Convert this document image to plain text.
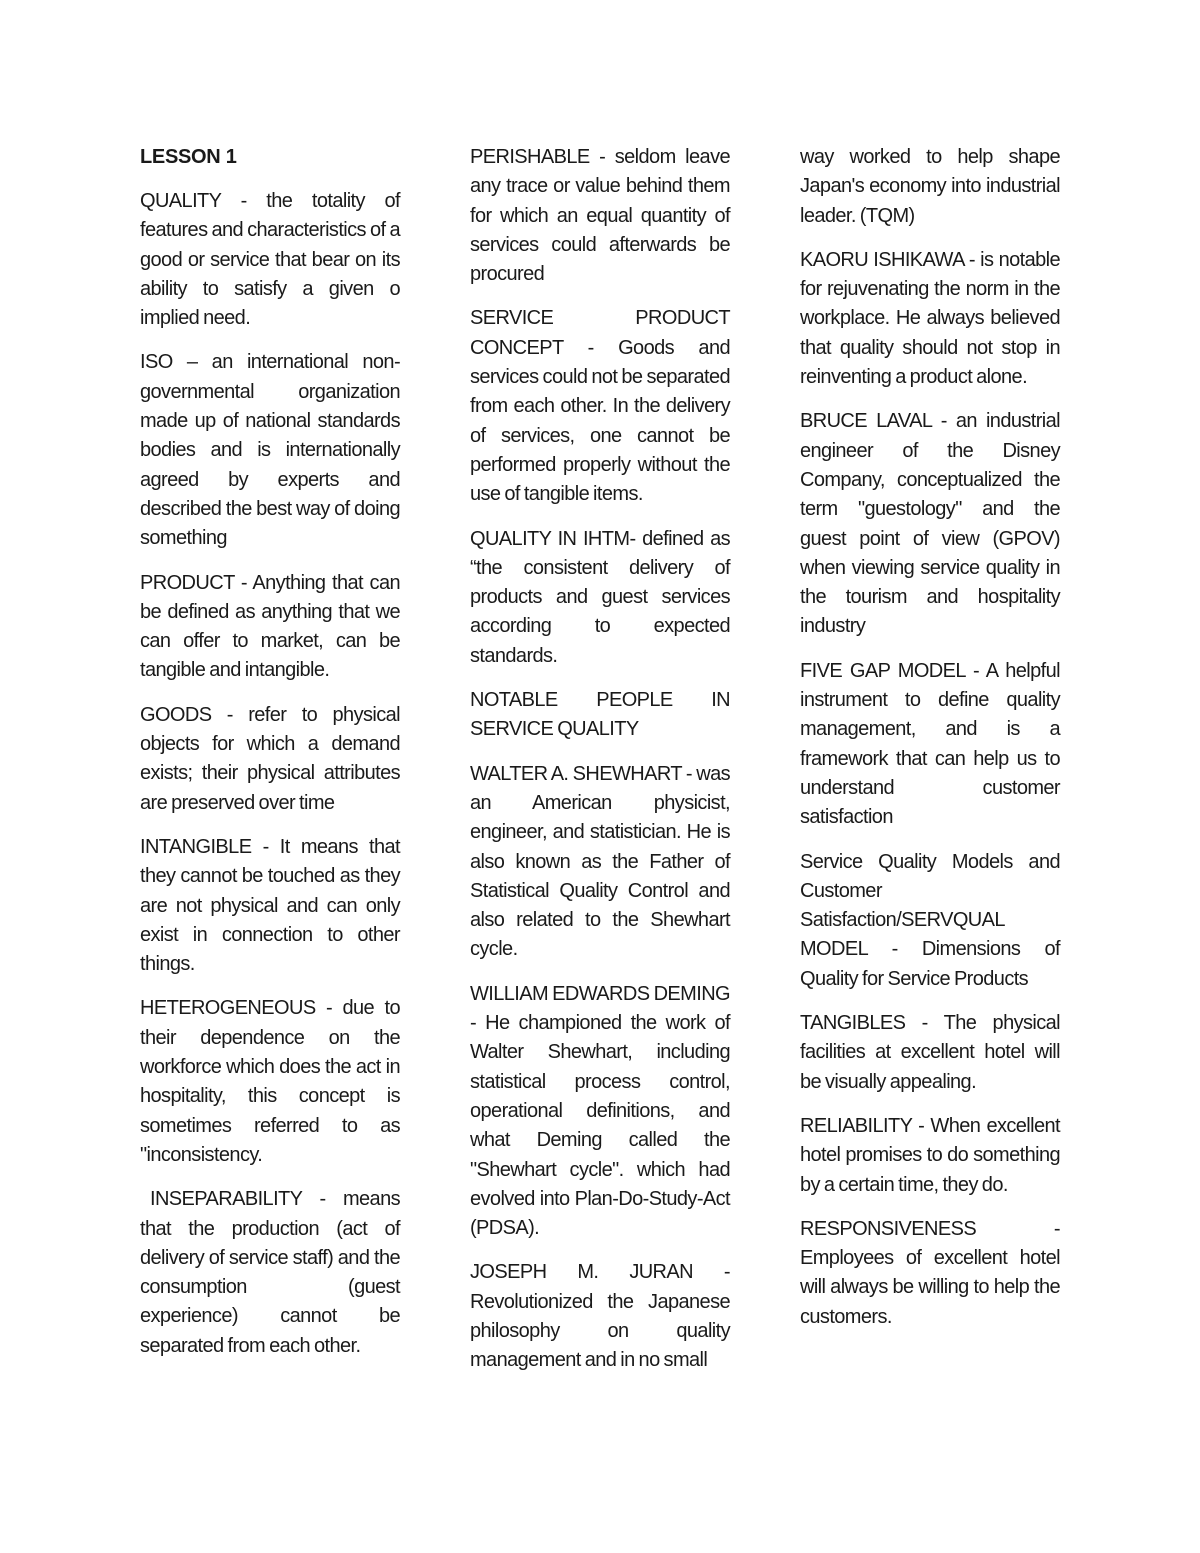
LESSON 1

QUALITY - the totality of features and characteristics of a good or service that bear on its ability to satisfy a given o implied need.

ISO – an international non-governmental organization made up of national standards bodies and is internationally agreed by experts and described the best way of doing something

PRODUCT - Anything that can be defined as anything that we can offer to market, can be tangible and intangible.

GOODS - refer to physical objects for which a demand exists; their physical attributes are preserved over time

INTANGIBLE - It means that they cannot be touched as they are not physical and can only exist in connection to other things.

HETEROGENEOUS - due to their dependence on the workforce which does the act in hospitality, this concept is sometimes referred to as "inconsistency.

INSEPARABILITY - means that the production (act of delivery of service staff) and the consumption (guest experience) cannot be separated from each other.

PERISHABLE - seldom leave any trace or value behind them for which an equal quantity of services could afterwards be procured

SERVICE PRODUCT CONCEPT - Goods and services could not be separated from each other. In the delivery of services, one cannot be performed properly without the use of tangible items.

QUALITY IN IHTM- defined as “the consistent delivery of products and guest services according to expected standards.

NOTABLE PEOPLE IN SERVICE QUALITY

WALTER A. SHEWHART - was an American physicist, engineer, and statistician. He is also known as the Father of Statistical Quality Control and also related to the Shewhart cycle.

WILLIAM EDWARDS DEMING - He championed the work of Walter Shewhart, including statistical process control, operational definitions, and what Deming called the "Shewhart cycle". which had evolved into Plan-Do-Study-Act (PDSA).

JOSEPH M. JURAN - Revolutionized the Japanese philosophy on quality management and in no small

way worked to help shape Japan's economy into industrial leader. (TQM)

KAORU ISHIKAWA - is notable for rejuvenating the norm in the workplace. He always believed that quality should not stop in reinventing a product alone.

BRUCE LAVAL - an industrial engineer of the Disney Company, conceptualized the term "guestology" and the guest point of view (GPOV) when viewing service quality in the tourism and hospitality industry

FIVE GAP MODEL - A helpful instrument to define quality management, and is a framework that can help us to understand customer satisfaction

Service Quality Models and Customer Satisfaction/SERVQUAL MODEL - Dimensions of Quality for Service Products

TANGIBLES - The physical facilities at excellent hotel will be visually appealing.

RELIABILITY - When excellent hotel promises to do something by a certain time, they do.

RESPONSIVENESS - Employees of excellent hotel will always be willing to help the customers.
